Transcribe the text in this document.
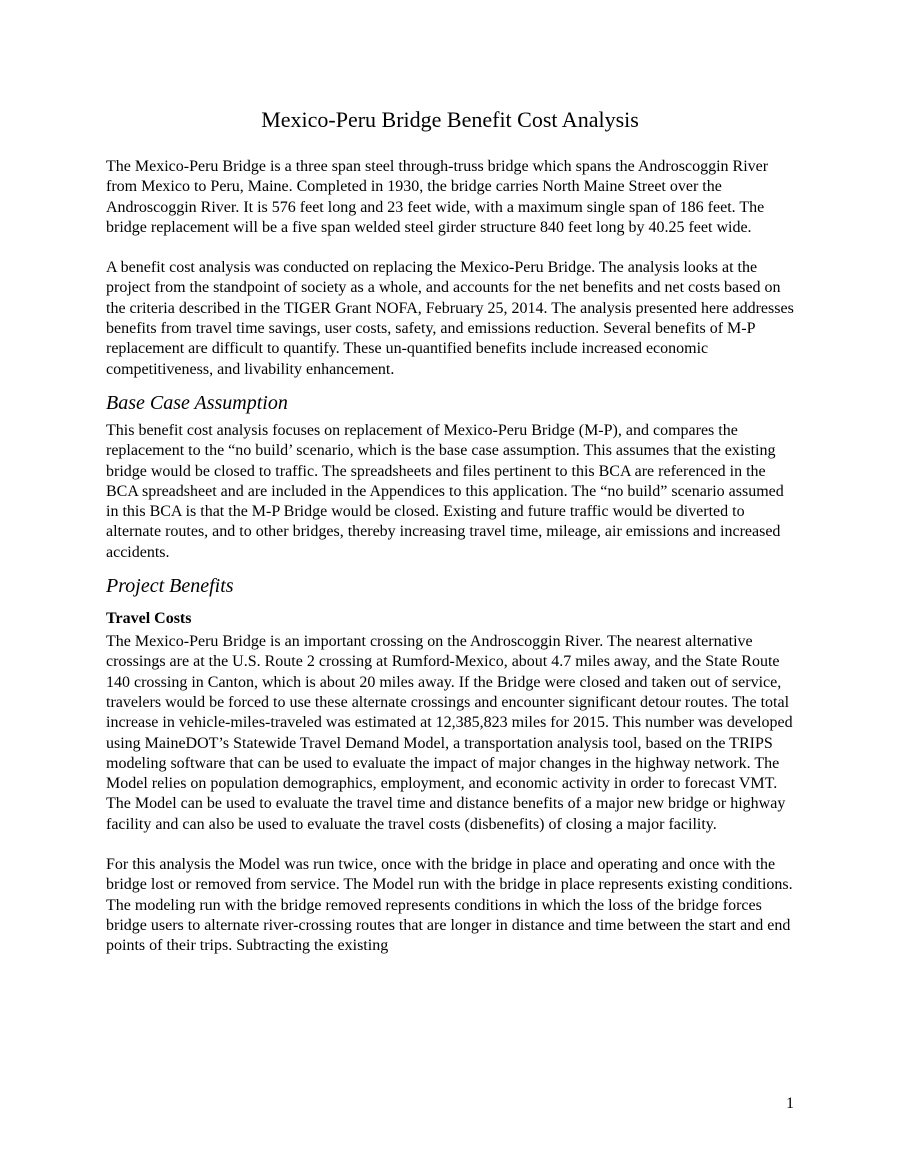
Mexico-Peru Bridge Benefit Cost Analysis

The Mexico-Peru Bridge is a three span steel through-truss bridge which spans the Androscoggin River from Mexico to Peru, Maine. Completed in 1930, the bridge carries North Maine Street over the Androscoggin River. It is 576 feet long and 23 feet wide, with a maximum single span of 186 feet. The bridge replacement will be a five span welded steel girder structure 840 feet long by 40.25 feet wide.

A benefit cost analysis was conducted on replacing the Mexico-Peru Bridge. The analysis looks at the project from the standpoint of society as a whole, and accounts for the net benefits and net costs based on the criteria described in the TIGER Grant NOFA, February 25, 2014. The analysis presented here addresses benefits from travel time savings, user costs, safety, and emissions reduction. Several benefits of M-P replacement are difficult to quantify. These un-quantified benefits include increased economic competitiveness, and livability enhancement.

Base Case Assumption

This benefit cost analysis focuses on replacement of Mexico-Peru Bridge (M-P), and compares the replacement to the “no build’ scenario, which is the base case assumption. This assumes that the existing bridge would be closed to traffic. The spreadsheets and files pertinent to this BCA are referenced in the BCA spreadsheet and are included in the Appendices to this application. The “no build” scenario assumed in this BCA is that the M-P Bridge would be closed. Existing and future traffic would be diverted to alternate routes, and to other bridges, thereby increasing travel time, mileage, air emissions and increased accidents.

Project Benefits
Travel Costs

The Mexico-Peru Bridge is an important crossing on the Androscoggin River. The nearest alternative crossings are at the U.S. Route 2 crossing at Rumford-Mexico, about 4.7 miles away, and the State Route 140 crossing in Canton, which is about 20 miles away. If the Bridge were closed and taken out of service, travelers would be forced to use these alternate crossings and encounter significant detour routes. The total increase in vehicle-miles-traveled was estimated at 12,385,823 miles for 2015. This number was developed using MaineDOT’s Statewide Travel Demand Model, a transportation analysis tool, based on the TRIPS modeling software that can be used to evaluate the impact of major changes in the highway network. The Model relies on population demographics, employment, and economic activity in order to forecast VMT. The Model can be used to evaluate the travel time and distance benefits of a major new bridge or highway facility and can also be used to evaluate the travel costs (disbenefits) of closing a major facility.

For this analysis the Model was run twice, once with the bridge in place and operating and once with the bridge lost or removed from service. The Model run with the bridge in place represents existing conditions. The modeling run with the bridge removed represents conditions in which the loss of the bridge forces bridge users to alternate river-crossing routes that are longer in distance and time between the start and end points of their trips. Subtracting the existing

1
